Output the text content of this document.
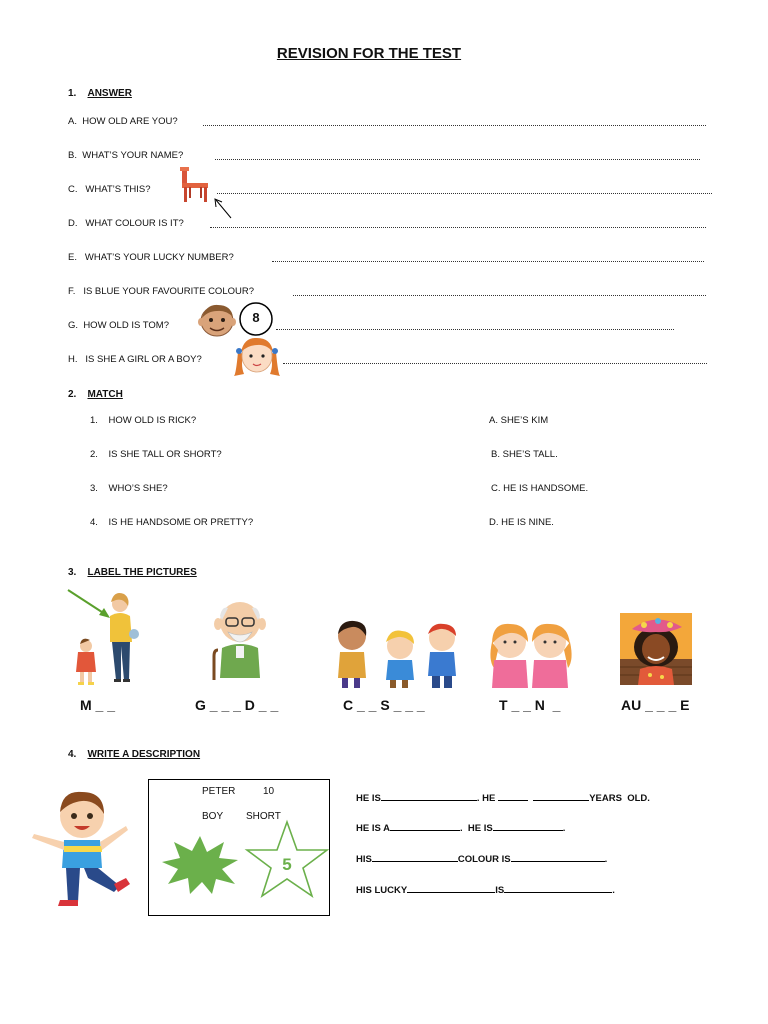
REVISION FOR THE TEST
1. ANSWER
A. HOW OLD ARE YOU?
B. WHAT’S YOUR NAME?
C. WHAT’S THIS?
D. WHAT COLOUR IS IT?
E. WHAT’S YOUR LUCKY NUMBER?
F. IS BLUE YOUR FAVOURITE COLOUR?
G. HOW OLD IS TOM?
8
H. IS SHE A GIRL OR A BOY?
2. MATCH
1. HOW OLD IS RICK?
2. IS SHE TALL OR SHORT?
3. WHO’S SHE?
4. IS HE HANDSOME OR PRETTY?
A. SHE’S KIM
B. SHE’S TALL.
C. HE IS HANDSOME.
D. HE IS NINE.
3. LABEL THE PICTURES
M _ _	G _ _ _ D _ _	C _ _ S _ _ _	T _ _ N  _	AU _ _ _ E
4. WRITE A DESCRIPTION
PETER	10
BOY SHORT
5
HE IS	. HE	YEARS  OLD.
HE IS A	.  HE IS	.
HIS	COLOUR IS	.
HIS LUCKY	IS	.
